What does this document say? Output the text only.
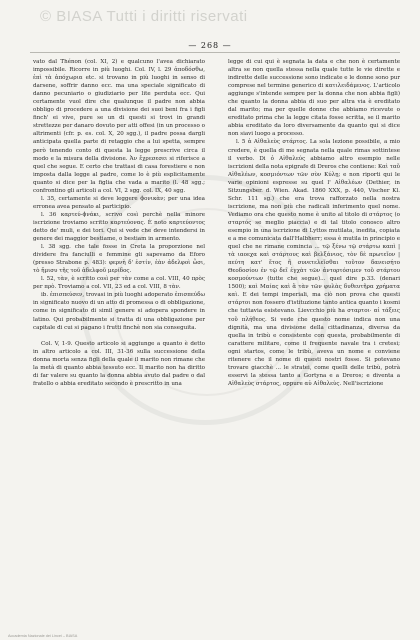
© BIASA Tutti i diritti riservati
— 268 —

vato dal Thénon (col. XI, 2) e qualcuno l'avea dichiarato impossibile. Ricorre in più luoghi. Col. IV, l. 29 ἀποδόσθω, ἐπὶ τὰ ἀπόχωρια etc. si trovano in più luoghi in senso di darsene, soffrir danno ecc. ma una speciale significato di danno pecuniario o giudiziario per lite perduta ecc. Qui certamente vuol dire che qualunque il padre non abbia obbligo di procedere a una divisione dei suoi beni fra i figli finch' ei vive, pure se un di questi si trovi in grandi strettezze per danaro dovuto per atti offesi (in un processo o altrimenti (cfr. p. es. col. X, 20 sgg.), il padre possa dargli anticipata quella parte di retaggio che a lui spetta, sempre però tenendo conto di questa la legge prescrive circa il modo e la misura della divisione. Ἀν ἔχρεσεσει si riferisce a quel che segue. E certo che trattasi di casa forestiere e non imposta dalla legge al padre, come lo è più esplicitamente quanto si dice per la figlia che vada a marito (l. 48 sgg.; confrontino gli articoli a col. VI, 2 sgg. col. IX, 40 sgg.

l. 35, certamente si deve leggere ϕονικὰν; per una idea erronea avea pensato al participio.

l. 36 καρτεύ-ϕνάκι, scrivo così perchè nella minore iscrizione troviamo scritto καρτεύονας. È noto καρτεύοντος detto de' muli, e dei tori. Qui si vede che deve intendersi in genere dei maggior bestiame, o bestiam in armento.

l. 38 sgg. che tale fosse in Creta la proporzione nel dividere fra fanciulli e femmine gli sapevamo da Eforo (presso Strabone p. 483): φερνὴ δ' ἐστίν, ἐὰν ἀδελφοὶ ὦσι, τὸ ἥμισυ τῆς τοῦ ἀδελφοῦ μερίδος.

l. 52, τὰν, è scritto così per τὰν come a col. VIII, 40 πρὸς per πρὸ. Troviamo a col. VII, 23 ed a col. VIII, 8 τὰν.

ib. ἐπισπεύσεν, trovasi in più luoghi adoperato ἐπισπεύδω in significato nuovo di un atto di promessa o di obbligazione, come in significato di simil genere si adopera spondere in latino. Qui probabilmente si tratta di una obbligazione per capitale di cui si pagano i frutti finchè non sia conseguita.

Col. V, 1-9. Questo articolo si aggiunge a quanto è detto in altro articolo a col. III, 31-36 sulla successione della donna morta senza figli della quale il marito non rimane che la metà di quanto abbia tessuto ecc. Il marito non ha diritto di far valere su quanto la donna abbia avuto dal padre o dal fratello o abbia ereditato secondo è prescritto in una

legge di cui qui è segnata la data e che non è certamente altra se non quella stessa nella quale tutte le vie dirette e indirette delle successione sono indicate e le donne sono pur comprese nel termine generico di κατιλειδάμενος. L'articolo aggiunge s'intende sempre per la donna che non abbia figli) che quanto la donna abbia di suo per altra via è ereditato dal marito; ma per quelle donne che abbiamo ricevute o ereditato prima che la legge citata fosse scritta, se il marito abbia ereditato da loro diversamente da quanto qui si dice non siavi luogo a processo.

l. 5 ἁ Αἰθαλεὺς στάρτος. La sola lezione possibile, a mio credere, è quella di me segnata nella quale rimas sottintese il verbo. Di ὁ Αἰθαλεύς abbiamo altro esempio nelle iscrizioni della nota epigrafe di Dreros che contiene: Καὶ ταῦ Αἰθαλέων, κοσμιόντων τῶν σὺν Κύλῃ; e non riporti qui le varie opinioni espresse su quel l' Αἰθαλέων (Dethier, in Sitzungsber. d. Wien. Akad. 1860 XXX, p. 440, Vischer Kl. Schr. 111 sg.) che era trova rafforzato nella nostra iscrizione, ma non più che radicali inferimento quel nome. Vediamo ora che questo nome è unito al titolo di στάρτος (o σταρτός se meglio piaccia) e di tal titolo conosco altro esempio in una iscrizione di Lyttos mutilata, inedita, copiata e a me comunicata dall'Halbherr; essa è mutila in principio e quel che ne rimane comincia ... τῷ ξένω τῷ στάρτω καπὶ | τὰ ιαοεχα καὶ στάρτους καὶ βελξάνιος, τὸν δὲ πρωτεῖον | πεύτη κατ' ἔτος ῆ συνετελεῖσθαι τοῦτον δανεισήτο Θεοδοσίου ἐν τῷ δεῖ ἐγχὰτ τῶν ἀντορτόσιμεν τοῦ στάρτου κοσμούντων (tutte che segue)... quel dire p.33. (denari 1500); καὶ Μαίας καὶ ἅ τὰν τῶν φυλὰς δυθευτῆρα χρήματα καὶ. E dei tempi imperiali, ma ciò non prova che questi στάρτοι non fossero d'istituzione tanto antica quanto i kosmi che tuttavia esistevano. Lievcchio più ha σταρτοι· αἱ τάξεις τοῦ πλήθεος. Si vede che questo nome indica non una dignità, ma una divisione della cittadinanza, diversa da quella in tribù e consistente con questa, probabilmente di carattere militare, come il frequente navale tra i cretesi; ogni startos, come le tribù, aveva un nome e conviene ritenere che il nome di questi nostri fosse. Si potevano trovare giacchè ... le stratei, come quelli delle tribù, potrà esservi la stessa tanto a Gortyna e a Dreros; e diventa a Αἰθαλεὺς στάρτος, oppure αὐ Αἰθαλεὺς. Nell'iscrizione

Accademia Nazionale dei Lincei – BIASA
